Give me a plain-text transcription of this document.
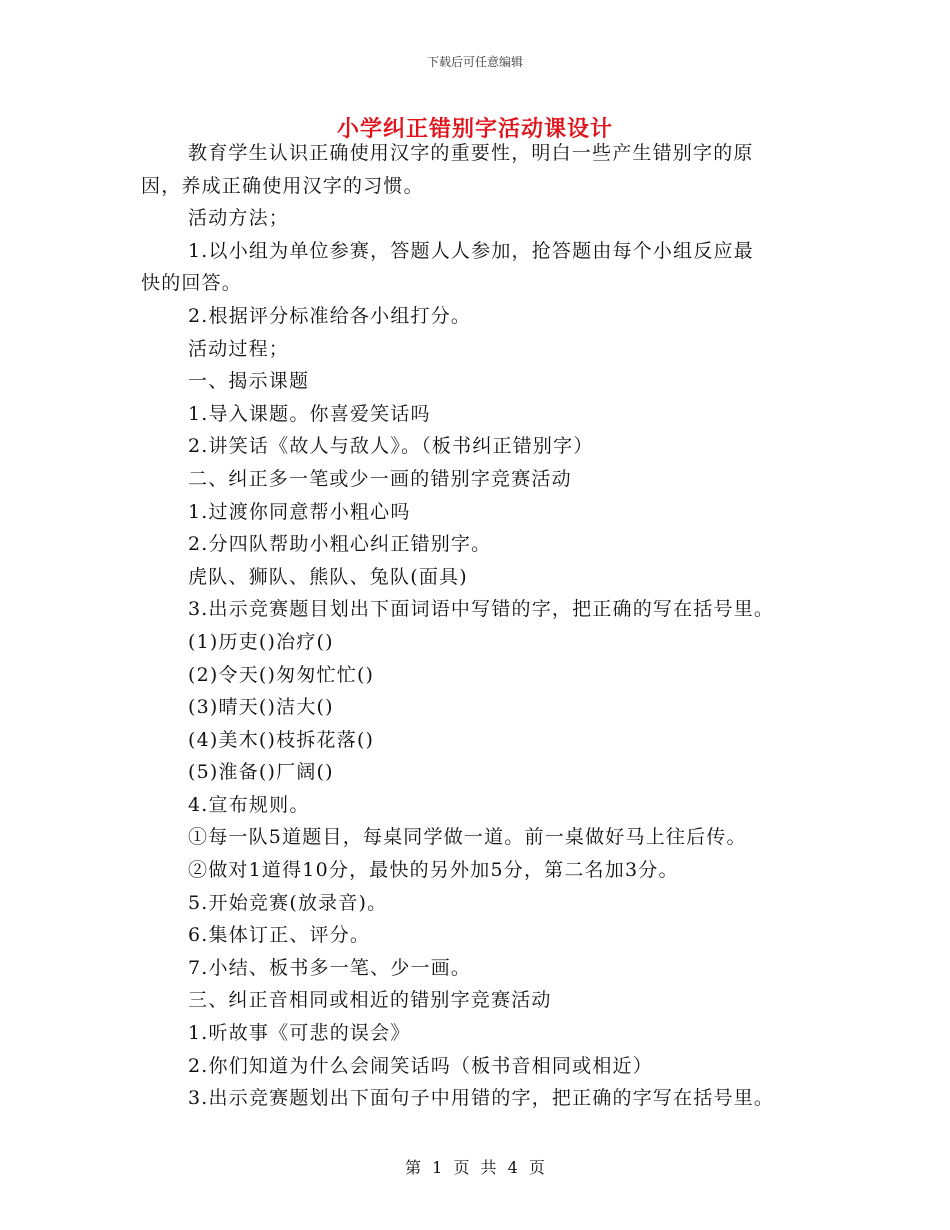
下载后可任意编辑
小学纠正错别字活动课设计
教育学生认识正确使用汉字的重要性，明白一些产生错别字的原
因，养成正确使用汉字的习惯。
活动方法；
1.以小组为单位参赛，答题人人参加，抢答题由每个小组反应最
快的回答。
2.根据评分标准给各小组打分。
活动过程；
一、揭示课题
1.导入课题。你喜爱笑话吗
2.讲笑话《故人与敌人》。（板书纠正错别字）
二、纠正多一笔或少一画的错别字竞赛活动
1.过渡你同意帮小粗心吗
2.分四队帮助小粗心纠正错别字。
虎队、狮队、熊队、兔队(面具)
3.出示竞赛题目划出下面词语中写错的字，把正确的写在括号里。
(1)历吏()冶疗()
(2)令天()匆匆忙忙()
(3)晴天()洁大()
(4)美木()枝拆花落()
(5)淮备()厂阔()
4.宣布规则。
①每一队5道题目，每桌同学做一道。前一桌做好马上往后传。
②做对1道得10分，最快的另外加5分，第二名加3分。
5.开始竞赛(放录音)。
6.集体订正、评分。
7.小结、板书多一笔、少一画。
三、纠正音相同或相近的错别字竞赛活动
1.听故事《可悲的误会》
2.你们知道为什么会闹笑话吗（板书音相同或相近）
3.出示竞赛题划出下面句子中用错的字，把正确的字写在括号里。
第 1 页 共 4 页
